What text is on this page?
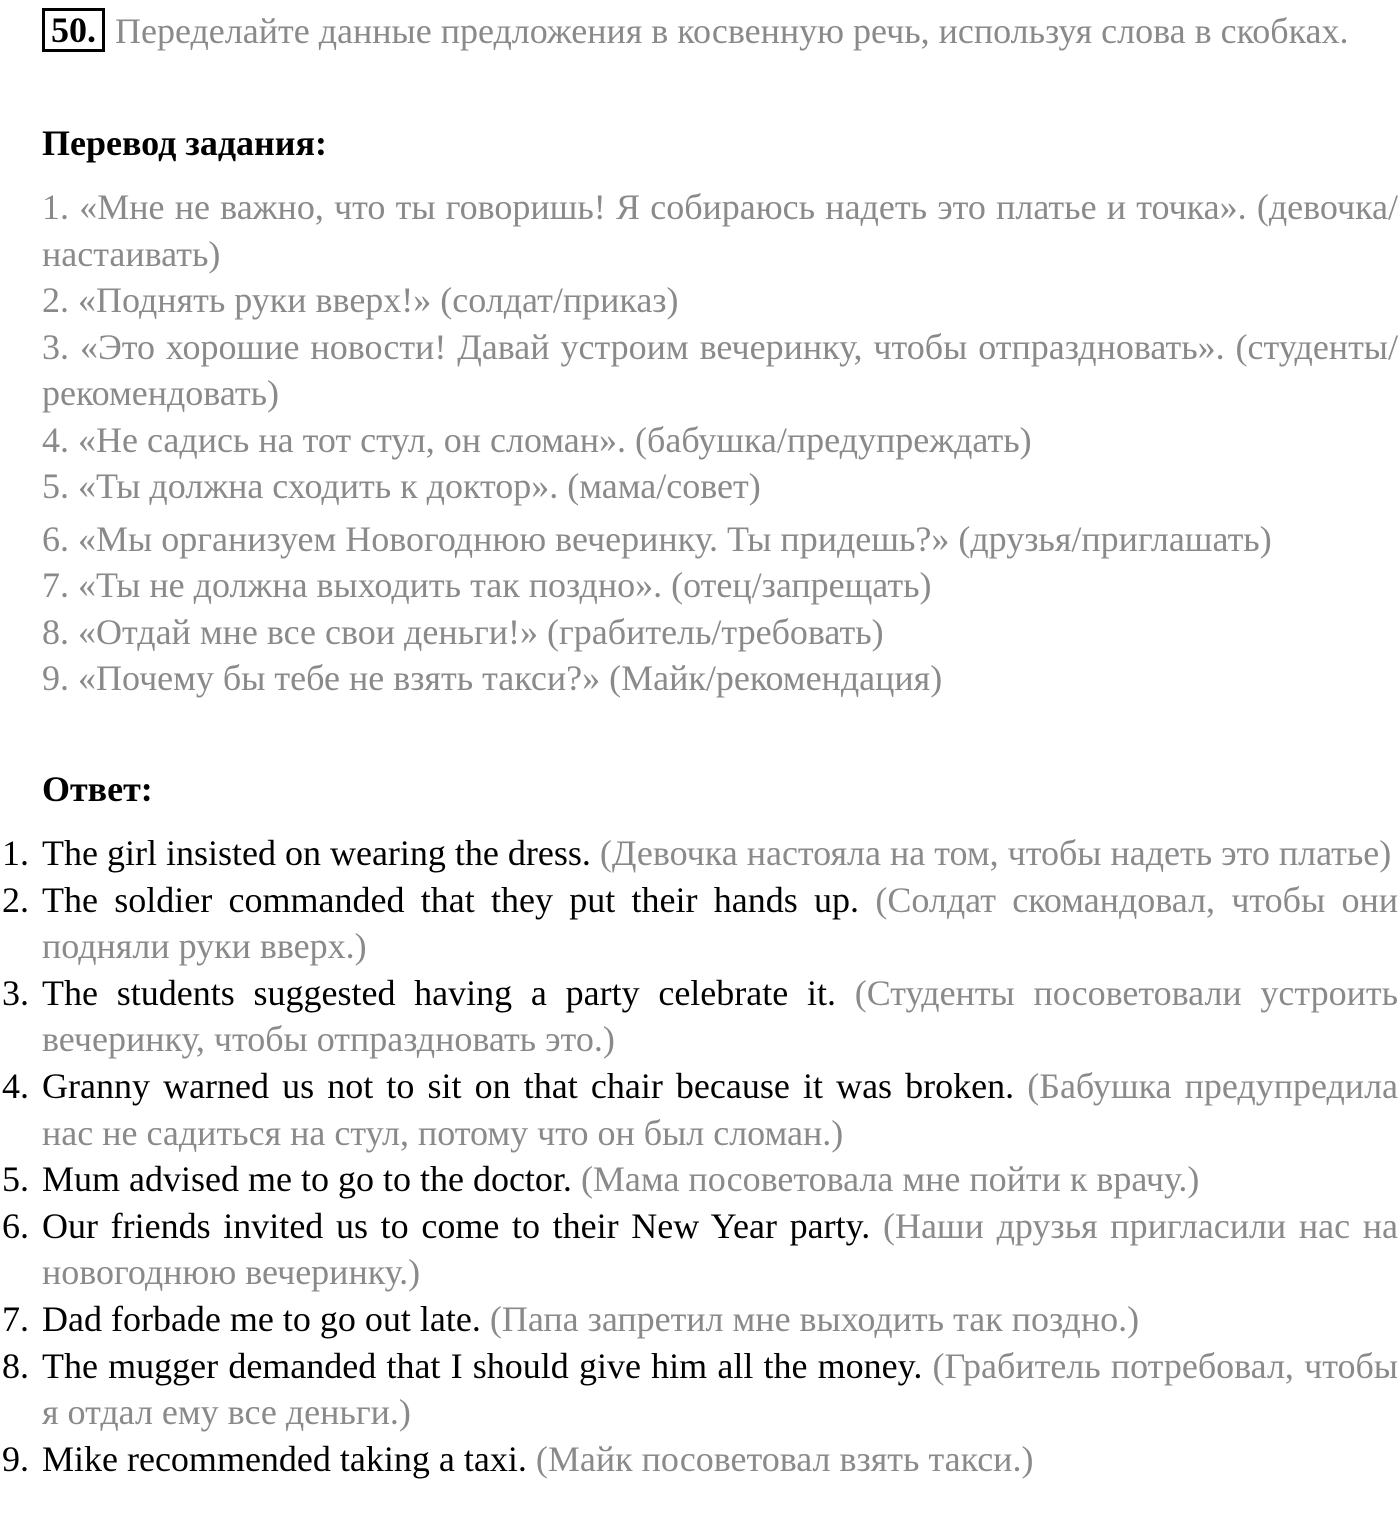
50. Переделайте данные предложения в косвенную речь, используя слова в скобках.
Перевод задания:
1. «Мне не важно, что ты говоришь! Я собираюсь надеть это платье и точка». (девочка/настаивать)
2. «Поднять руки вверх!» (солдат/приказ)
3. «Это хорошие новости! Давай устроим вечеринку, чтобы отпраздновать». (студенты/рекомендовать)
4. «Не садись на тот стул, он сломан». (бабушка/предупреждать)
5. «Ты должна сходить к доктор». (мама/совет)
6. «Мы организуем Новогоднюю вечеринку. Ты придешь?» (друзья/приглашать)
7. «Ты не должна выходить так поздно». (отец/запрещать)
8. «Отдай мне все свои деньги!» (грабитель/требовать)
9. «Почему бы тебе не взять такси?» (Майк/рекомендация)
Ответ:
1. The girl insisted on wearing the dress. (Девочка настояла на том, чтобы надеть это платье)
2. The soldier commanded that they put their hands up. (Солдат скомандовал, чтобы они подняли руки вверх.)
3. The students suggested having a party celebrate it. (Студенты посоветовали устроить вечеринку, чтобы отпраздновать это.)
4. Granny warned us not to sit on that chair because it was broken. (Бабушка предупредила нас не садиться на стул, потому что он был сломан.)
5. Mum advised me to go to the doctor. (Мама посоветовала мне пойти к врачу.)
6. Our friends invited us to come to their New Year party. (Наши друзья пригласили нас на новогоднюю вечеринку.)
7. Dad forbade me to go out late. (Папа запретил мне выходить так поздно.)
8. The mugger demanded that I should give him all the money. (Грабитель потребовал, чтобы я отдал ему все деньги.)
9. Mike recommended taking a taxi. (Майк посоветовал взять такси.)
